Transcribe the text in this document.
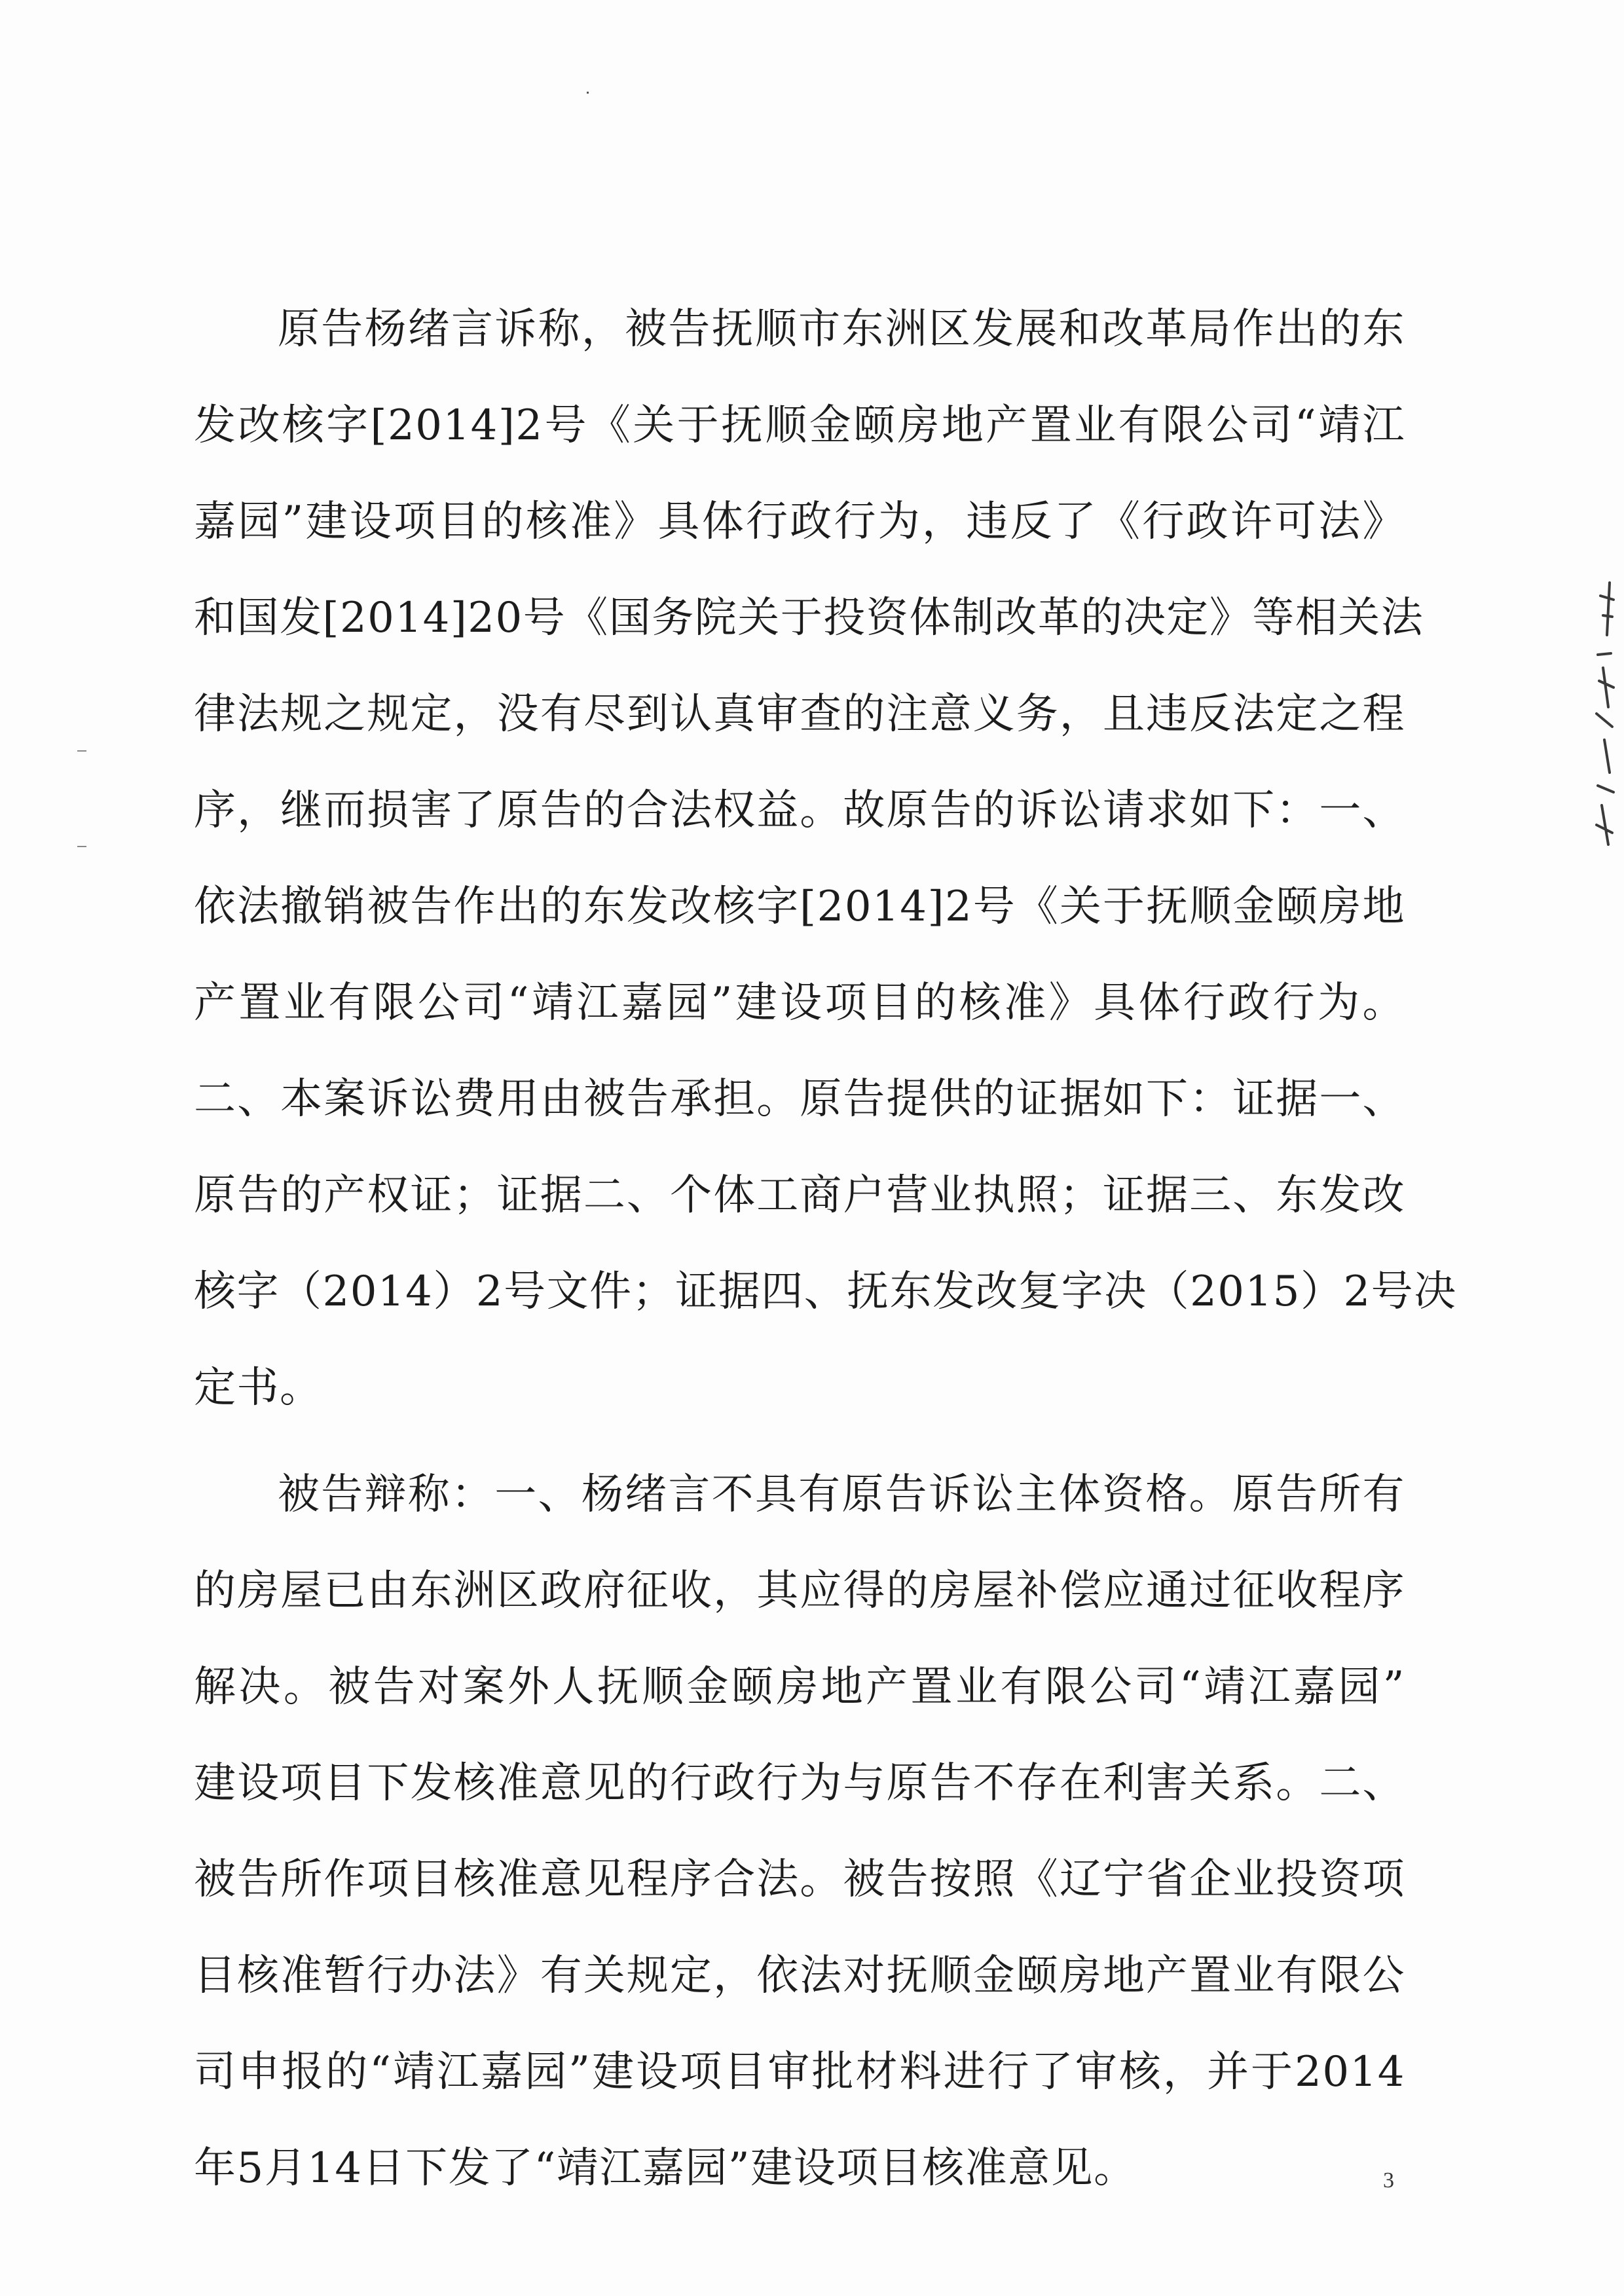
原告杨绪言诉称，被告抚顺市东洲区发展和改革局作出的东
发改核字[2014]2号《关于抚顺金颐房地产置业有限公司“靖江
嘉园”建设项目的核准》具体行政行为，违反了《行政许可法》
和国发[2014]20号《国务院关于投资体制改革的决定》等相关法
律法规之规定，没有尽到认真审查的注意义务，且违反法定之程
序，继而损害了原告的合法权益。故原告的诉讼请求如下：一、
依法撤销被告作出的东发改核字[2014]2号《关于抚顺金颐房地
产置业有限公司“靖江嘉园”建设项目的核准》具体行政行为。
二、本案诉讼费用由被告承担。原告提供的证据如下：证据一、
原告的产权证；证据二、个体工商户营业执照；证据三、东发改
核字（2014）2号文件；证据四、抚东发改复字决（2015）2号决
定书。
被告辩称：一、杨绪言不具有原告诉讼主体资格。原告所有
的房屋已由东洲区政府征收，其应得的房屋补偿应通过征收程序
解决。被告对案外人抚顺金颐房地产置业有限公司“靖江嘉园”
建设项目下发核准意见的行政行为与原告不存在利害关系。二、
被告所作项目核准意见程序合法。被告按照《辽宁省企业投资项
目核准暂行办法》有关规定，依法对抚顺金颐房地产置业有限公
司申报的“靖江嘉园”建设项目审批材料进行了审核，并于2014
年5月14日下发了“靖江嘉园”建设项目核准意见。	3
